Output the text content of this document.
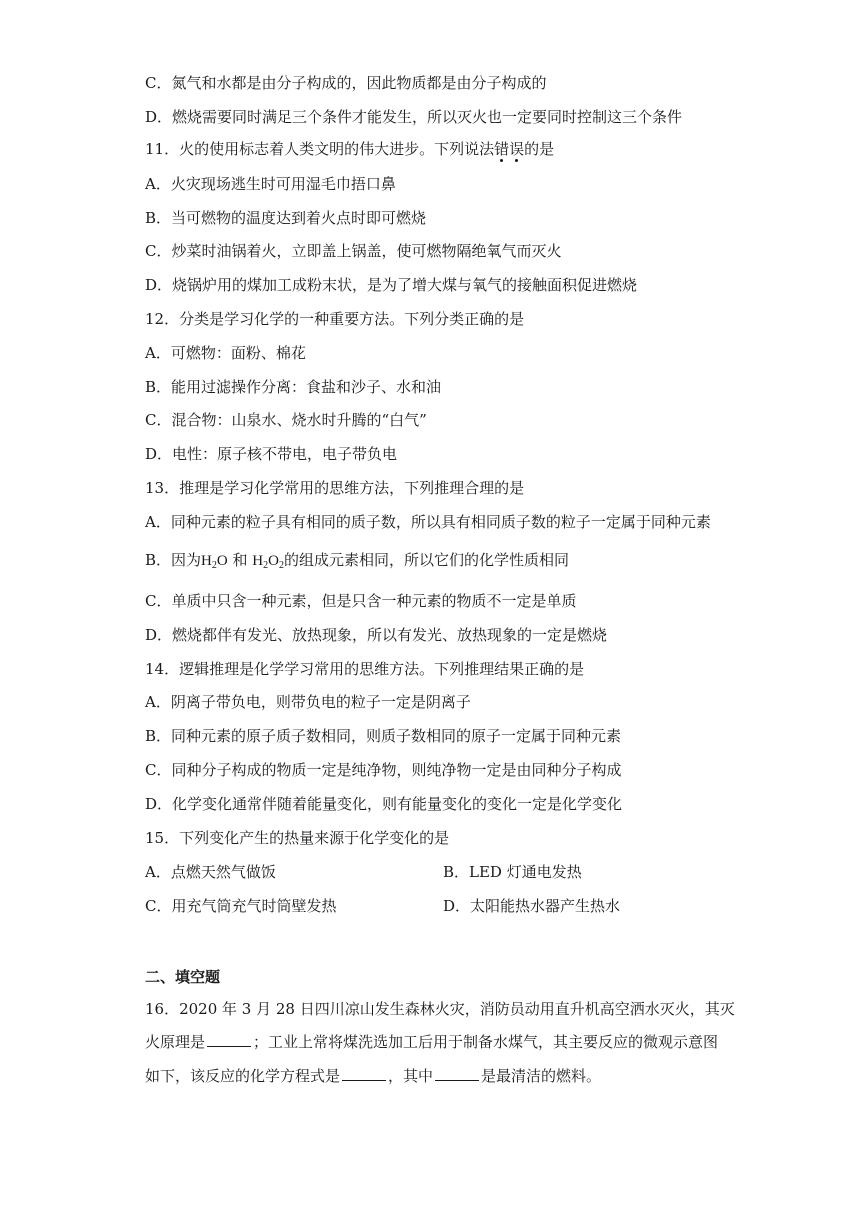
C．氮气和水都是由分子构成的，因此物质都是由分子构成的
D．燃烧需要同时满足三个条件才能发生，所以灭火也一定要同时控制这三个条件
11．火的使用标志着人类文明的伟大进步。下列说法错误的是
A．火灾现场逃生时可用湿毛巾捂口鼻
B．当可燃物的温度达到着火点时即可燃烧
C．炒菜时油锅着火，立即盖上锅盖，使可燃物隔绝氧气而灭火
D．烧锅炉用的煤加工成粉末状，是为了增大煤与氧气的接触面积促进燃烧
12．分类是学习化学的一种重要方法。下列分类正确的是
A．可燃物：面粉、棉花
B．能用过滤操作分离：食盐和沙子、水和油
C．混合物：山泉水、烧水时升腾的“白气”
D．电性：原子核不带电，电子带负电
13．推理是学习化学常用的思维方法，下列推理合理的是
A．同种元素的粒子具有相同的质子数，所以具有相同质子数的粒子一定属于同种元素
B．因为$H_2O$ 和 $H_2O_2$的组成元素相同，所以它们的化学性质相同
C．单质中只含一种元素，但是只含一种元素的物质不一定是单质
D．燃烧都伴有发光、放热现象，所以有发光、放热现象的一定是燃烧
14．逻辑推理是化学学习常用的思维方法。下列推理结果正确的是
A．阴离子带负电，则带负电的粒子一定是阴离子
B．同种元素的原子质子数相同，则质子数相同的原子一定属于同种元素
C．同种分子构成的物质一定是纯净物，则纯净物一定是由同种分子构成
D．化学变化通常伴随着能量变化，则有能量变化的变化一定是化学变化
15．下列变化产生的热量来源于化学变化的是
A．点燃天然气做饭	B．LED 灯通电发热
C．用充气筒充气时筒壁发热	D．太阳能热水器产生热水
二、填空题
16．2020 年 3 月 28 日四川凉山发生森林火灾，消防员动用直升机高空洒水灭火，其灭
火原理是	；工业上常将煤洗选加工后用于制备水煤气，其主要反应的微观示意图
如下，该反应的化学方程式是	，其中	是最清洁的燃料。
